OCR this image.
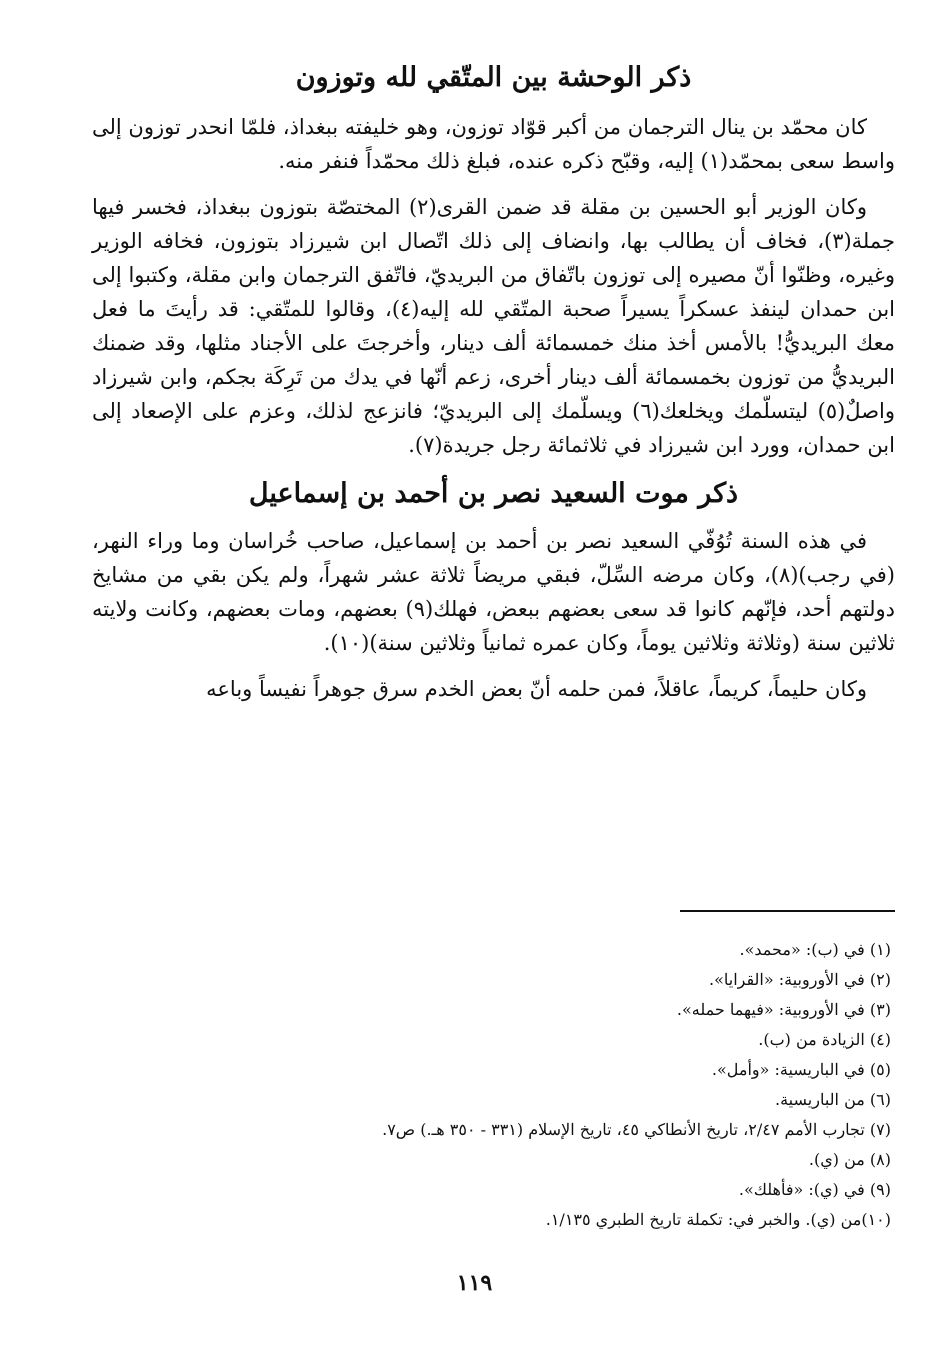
ذكر الوحشة بين المتّقي لله وتوزون

كان محمّد بن ينال الترجمان من أكبر قوّاد توزون، وهو خليفته ببغداذ، فلمّا انحدر توزون إلى واسط سعى بمحمّد(١) إليه، وقبّح ذكره عنده، فبلغ ذلك محمّداً فنفر منه.

وكان الوزير أبو الحسين بن مقلة قد ضمن القرى(٢) المختصّة بتوزون ببغداذ، فخسر فيها جملة(٣)، فخاف أن يطالب بها، وانضاف إلى ذلك اتّصال ابن شيرزاد بتوزون، فخافه الوزير وغيره، وظنّوا أنّ مصيره إلى توزون باتّفاق من البريديّ، فاتّفق الترجمان وابن مقلة، وكتبوا إلى ابن حمدان لينفذ عسكراً يسيراً صحبة المتّقي لله إليه(٤)، وقالوا للمتّقي: قد رأيتَ ما فعل معك البريديُّ! بالأمس أخذ منك خمسمائة ألف دينار، وأخرجتَ على الأجناد مثلها، وقد ضمنك البريديُّ من توزون بخمسمائة ألف دينار أخرى، زعم أنّها في يدك من تَرِكَة بجكم، وابن شيرزاد واصلٌ(٥) ليتسلّمك ويخلعك(٦) ويسلّمك إلى البريديّ؛ فانزعج لذلك، وعزم على الإصعاد إلى ابن حمدان، وورد ابن شيرزاد في ثلاثمائة رجل جريدة(٧).

ذكر موت السعيد نصر بن أحمد بن إسماعيل

في هذه السنة تُوُفّي السعيد نصر بن أحمد بن إسماعيل، صاحب خُراسان وما وراء النهر، (في رجب)(٨)، وكان مرضه السِّلّ، فبقي مريضاً ثلاثة عشر شهراً، ولم يكن بقي من مشايخ دولتهم أحد، فإنّهم كانوا قد سعى بعضهم ببعض، فهلك(٩) بعضهم، ومات بعضهم، وكانت ولايته ثلاثين سنة (وثلاثة وثلاثين يوماً، وكان عمره ثمانياً وثلاثين سنة)(١٠).

وكان حليماً، كريماً، عاقلاً، فمن حلمه أنّ بعض الخدم سرق جوهراً نفيساً وباعه

(١) في (ب): «محمد».
(٢) في الأوروبية: «القرايا».
(٣) في الأوروبية: «فيهما حمله».
(٤) الزيادة من (ب).
(٥) في الباريسية: «وأمل».
(٦) من الباريسية.
(٧) تجارب الأمم ٢/٤٧، تاريخ الأنطاكي ٤٥، تاريخ الإسلام (٣٣١ - ٣٥٠ هـ.) ص٧.
(٨) من (ي).
(٩) في (ي): «فأهلك».
(١٠)من (ي). والخبر في: تكملة تاريخ الطبري ١/١٣٥.
١١٩
